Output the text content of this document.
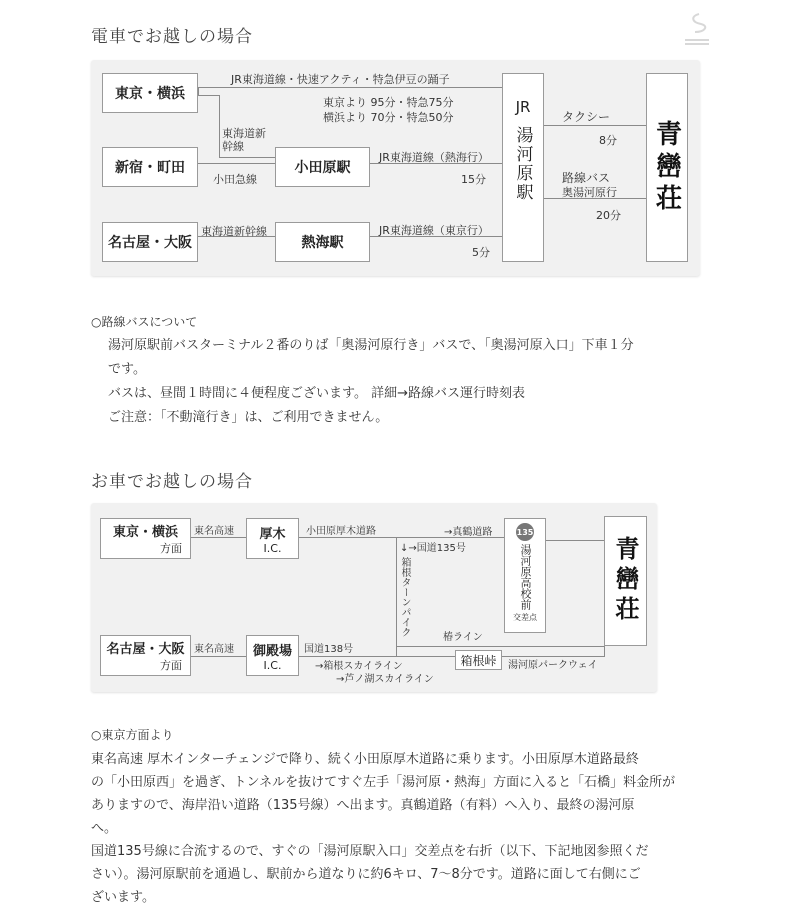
電車でお越しの場合
東京・横浜
新宿・町田
名古屋・大阪
小田原駅
熱海駅
JR
湯河原駅	青巒荘
JR東海道線・快速アクティ・特急伊豆の踊子
東京より 95分・特急75分
横浜より 70分・特急50分
東海道新幹線
小田急線
JR東海道線（熱海行）
15分
東海道新幹線	JR東海道線（東京行）
5分
タクシー
8分
路線バス
奥湯河原行
20分
○路線バスについて
湯河原駅前バスターミナル２番のりば「奥湯河原行き」バスで、「奥湯河原入口」下車１分
です。
バスは、昼間１時間に４便程度ございます。 詳細→路線バス運行時刻表
ご注意：「不動滝行き」は、ご利用できません。
お車でお越しの場合
東京・横浜
方面
名古屋・大阪
方面
厚木
I.C.
御殿場
I.C.
135
湯河原高校前
交差点
箱根峠
青巒荘
東名高速
東名高速
小田原厚木道路	→真鶴道路
↓→国道135号
箱根ターンパイク
椿ライン
国道138号
→箱根スカイライン
→芦ノ湖スカイライン
湯河原パークウェイ
○東京方面より
東名高速 厚木インターチェンジで降り、続く小田原厚木道路に乗ります。小田原厚木道路最終
の「小田原西」を過ぎ、トンネルを抜けてすぐ左手「湯河原・熱海」方面に入ると「石橋」料金所が
ありますので、海岸沿い道路（135号線）へ出ます。真鶴道路（有料）へ入り、最終の湯河原
へ。
国道135号線に合流するので、すぐの「湯河原駅入口」交差点を右折（以下、下記地図参照くだ
さい）。湯河原駅前を通過し、駅前から道なりに約6キロ、7〜8分です。道路に面して右側にご
ざいます。
